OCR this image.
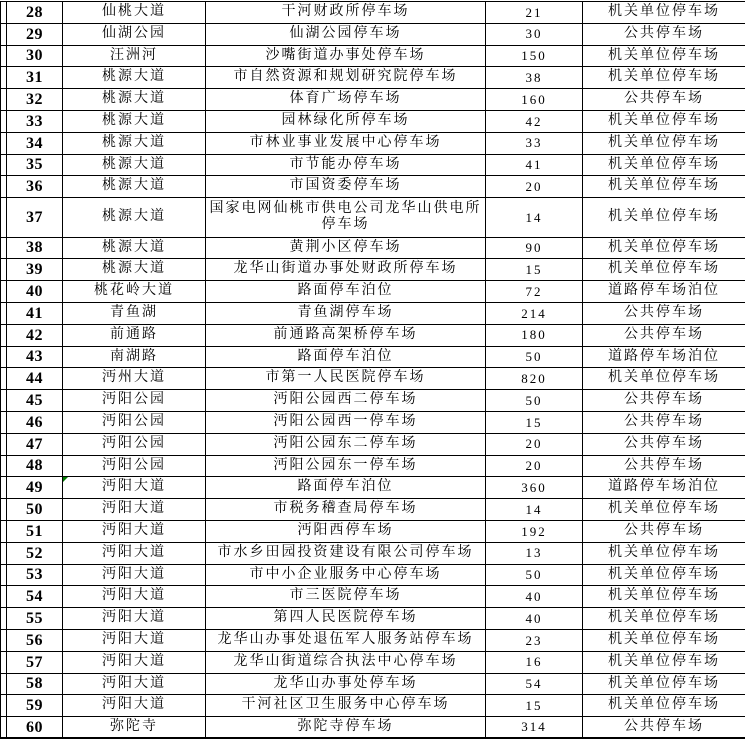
	28	仙桃大道	干河财政所停车场	21	机关单位停车场
	29	仙湖公园	仙湖公园停车场	30	公共停车场
	30	汪洲河	沙嘴街道办事处停车场	150	机关单位停车场
	31	桃源大道	市自然资源和规划研究院停车场	38	机关单位停车场
	32	桃源大道	体育广场停车场	160	公共停车场
	33	桃源大道	园林绿化所停车场	42	机关单位停车场
	34	桃源大道	市林业事业发展中心停车场	33	机关单位停车场
	35	桃源大道	市节能办停车场	41	机关单位停车场
	36	桃源大道	市国资委停车场	20	机关单位停车场
	37	桃源大道	国家电网仙桃市供电公司龙华山供电所停车场	14	机关单位停车场
	38	桃源大道	黄荆小区停车场	90	机关单位停车场
	39	桃源大道	龙华山街道办事处财政所停车场	15	机关单位停车场
	40	桃花岭大道	路面停车泊位	72	道路停车场泊位
	41	青鱼湖	青鱼湖停车场	214	公共停车场
	42	前通路	前通路高架桥停车场	180	公共停车场
	43	南湖路	路面停车泊位	50	道路停车场泊位
	44	沔州大道	市第一人民医院停车场	820	机关单位停车场
	45	沔阳公园	沔阳公园西二停车场	50	公共停车场
	46	沔阳公园	沔阳公园西一停车场	15	公共停车场
	47	沔阳公园	沔阳公园东二停车场	20	公共停车场
	48	沔阳公园	沔阳公园东一停车场	20	公共停车场
	49	沔阳大道	路面停车泊位	360	道路停车场泊位
	50	沔阳大道	市税务稽查局停车场	14	机关单位停车场
	51	沔阳大道	沔阳西停车场	192	公共停车场
	52	沔阳大道	市水乡田园投资建设有限公司停车场	13	机关单位停车场
	53	沔阳大道	市中小企业服务中心停车场	50	机关单位停车场
	54	沔阳大道	市三医院停车场	40	机关单位停车场
	55	沔阳大道	第四人民医院停车场	40	机关单位停车场
	56	沔阳大道	龙华山办事处退伍军人服务站停车场	23	机关单位停车场
	57	沔阳大道	龙华山街道综合执法中心停车场	16	机关单位停车场
	58	沔阳大道	龙华山办事处停车场	54	机关单位停车场
	59	沔阳大道	干河社区卫生服务中心停车场	15	机关单位停车场
	60	弥陀寺	弥陀寺停车场	314	公共停车场
